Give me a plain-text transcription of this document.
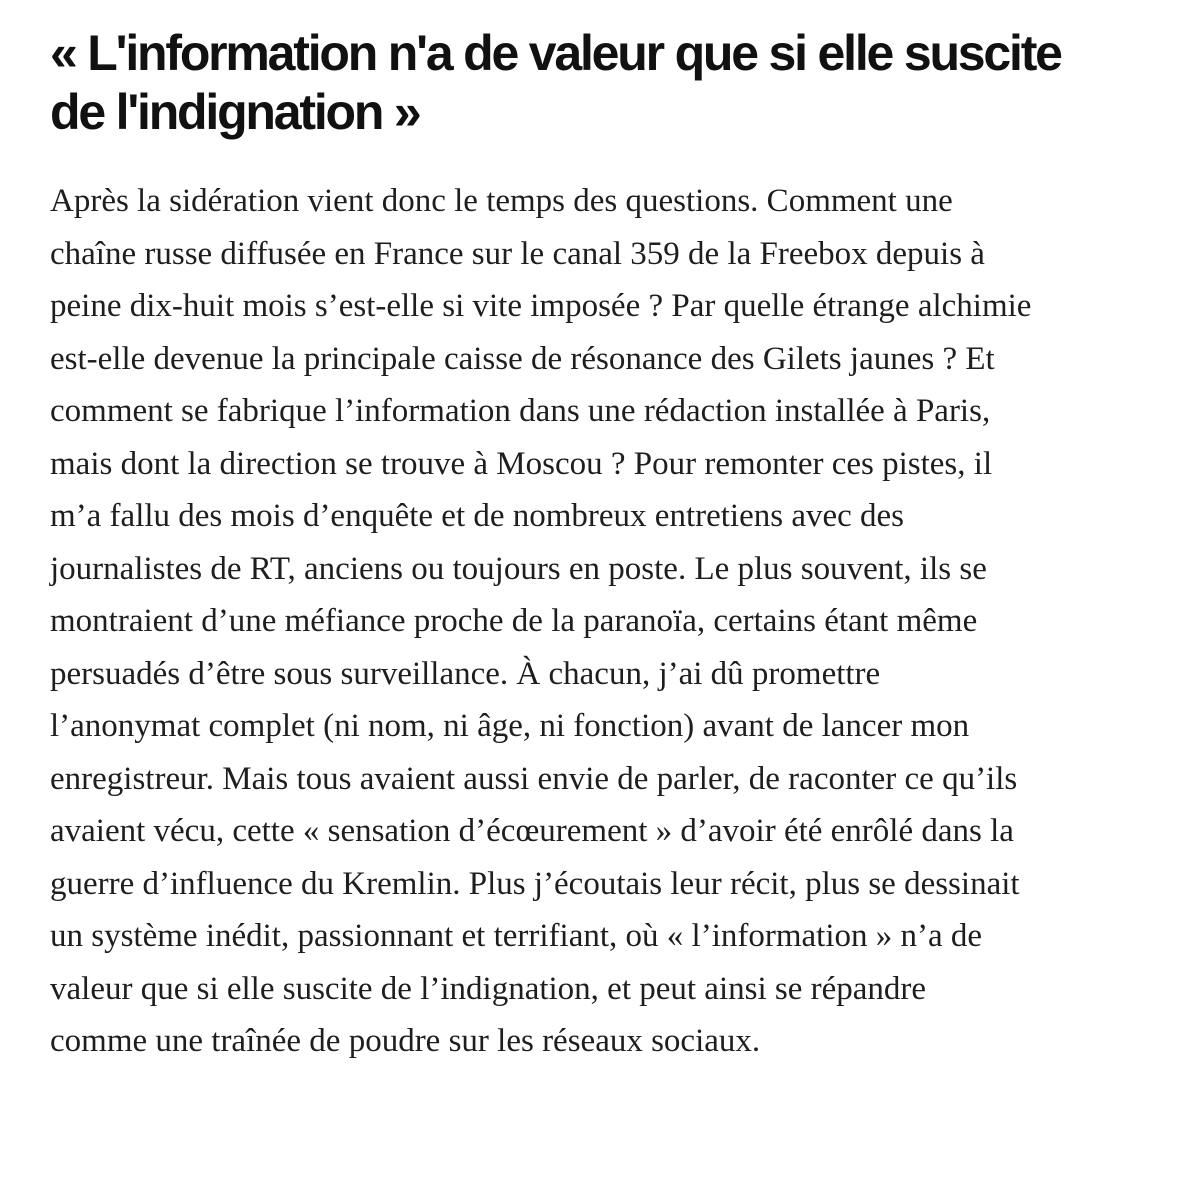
« L'information n'a de valeur que si elle suscite
de l'indignation »

Après la sidération vient donc le temps des questions. Comment une
chaîne russe diffusée en France sur le canal 359 de la Freebox depuis à
peine dix-huit mois s’est-elle si vite imposée ? Par quelle étrange alchimie
est-elle devenue la principale caisse de résonance des Gilets jaunes ? Et
comment se fabrique l’information dans une rédaction installée à Paris,
mais dont la direction se trouve à Moscou ? Pour remonter ces pistes, il
m’a fallu des mois d’enquête et de nombreux entretiens avec des
journalistes de RT, anciens ou toujours en poste. Le plus souvent, ils se
montraient d’une méfiance proche de la paranoïa, certains étant même
persuadés d’être sous surveillance. À chacun, j’ai dû promettre
l’anonymat complet (ni nom, ni âge, ni fonction) avant de lancer mon
enregistreur. Mais tous avaient aussi envie de parler, de raconter ce qu’ils
avaient vécu, cette « sensation d’écœurement » d’avoir été enrôlé dans la
guerre d’influence du Kremlin. Plus j’écoutais leur récit, plus se dessinait
un système inédit, passionnant et terrifiant, où « l’information » n’a de
valeur que si elle suscite de l’indignation, et peut ainsi se répandre
comme une traînée de poudre sur les réseaux sociaux.
